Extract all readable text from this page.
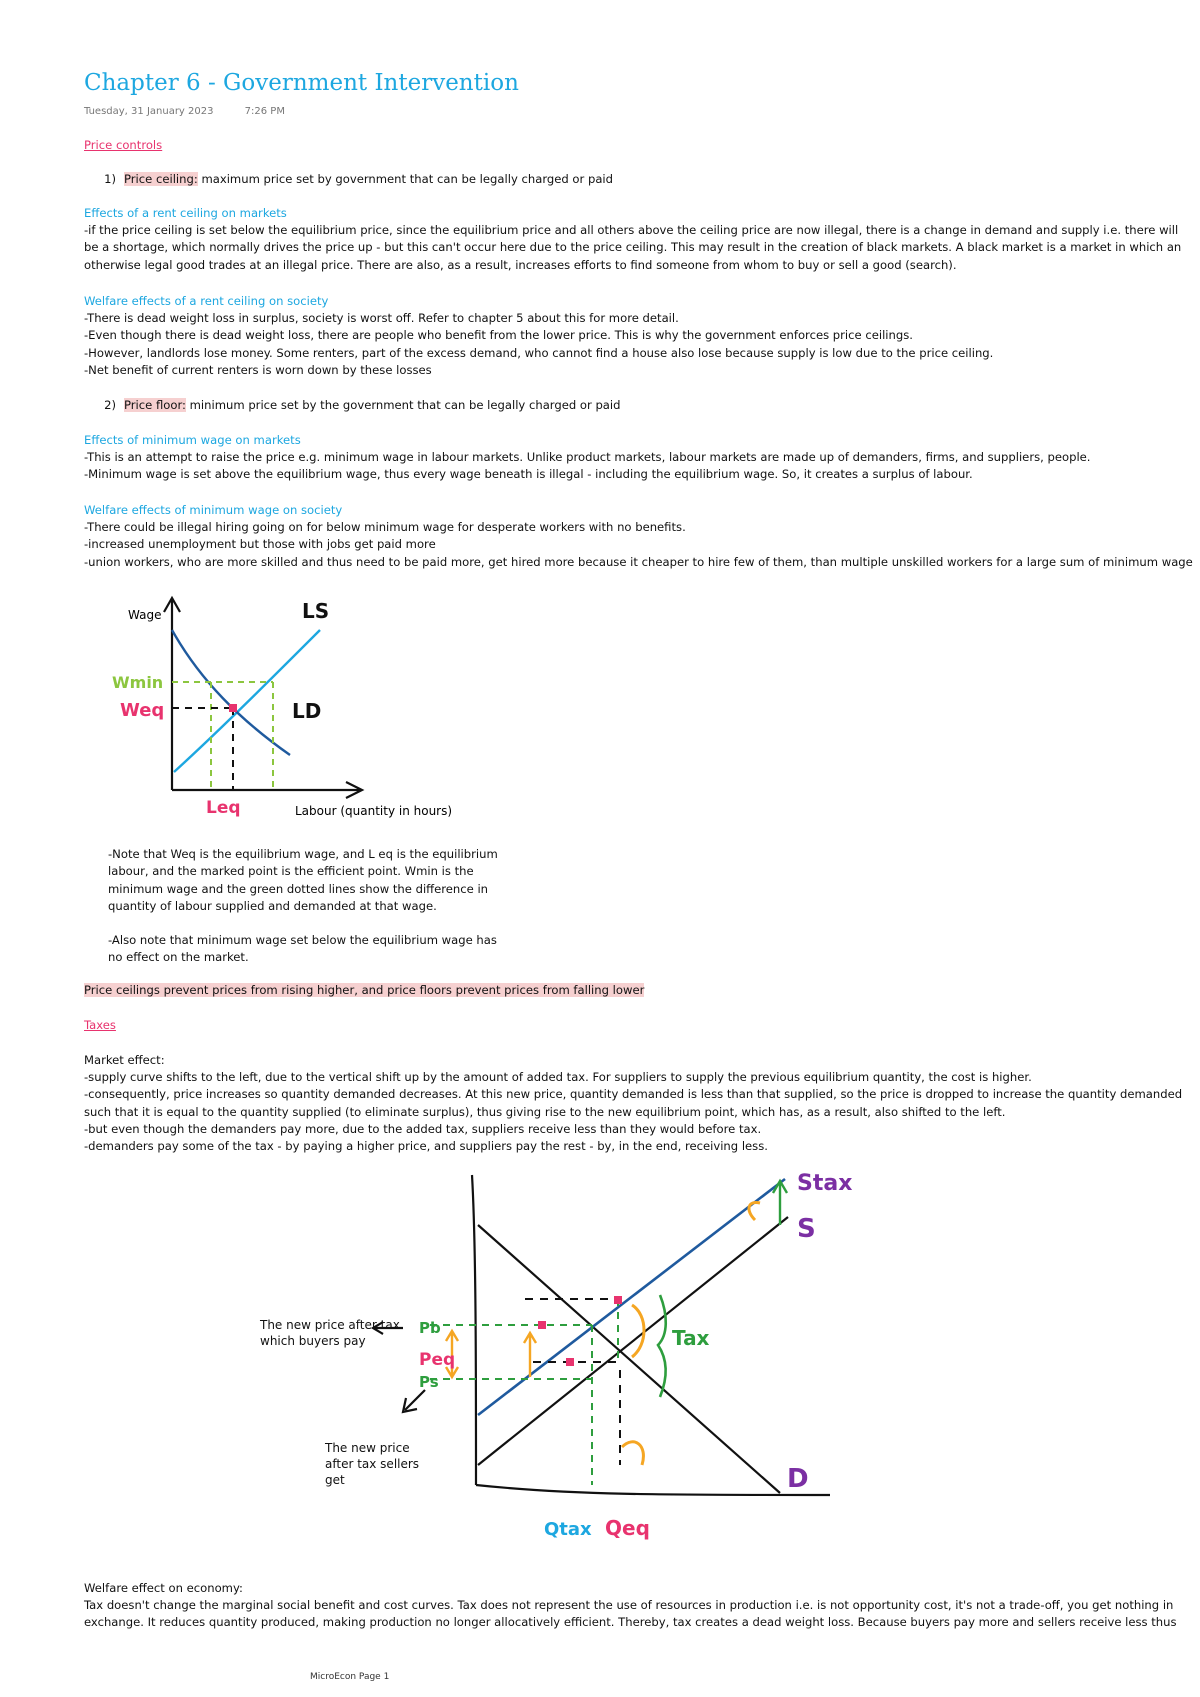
Chapter 6 - Government Intervention
Tuesday, 31 January 2023	7:26 PM
Price controls
1) Price ceiling: maximum price set by government that can be legally charged or paid
Effects of a rent ceiling on markets
-if the price ceiling is set below the equilibrium price, since the equilibrium price and all others above the ceiling price are now illegal, there is a change in demand and supply i.e. there will be a shortage, which normally drives the price up - but this can't occur here due to the price ceiling. This may result in the creation of black markets. A black market is a market in which an otherwise legal good trades at an illegal price. There are also, as a result, increases efforts to find someone from whom to buy or sell a good (search).
Welfare effects of a rent ceiling on society
-There is dead weight loss in surplus, society is worst off. Refer to chapter 5 about this for more detail.
-Even though there is dead weight loss, there are people who benefit from the lower price. This is why the government enforces price ceilings.
-However, landlords lose money. Some renters, part of the excess demand, who cannot find a house also lose because supply is low due to the price ceiling.
-Net benefit of current renters is worn down by these losses
2) Price floor: minimum price set by the government that can be legally charged or paid
Effects of minimum wage on markets
-This is an attempt to raise the price e.g. minimum wage in labour markets. Unlike product markets, labour markets are made up of demanders, firms, and suppliers, people.
-Minimum wage is set above the equilibrium wage, thus every wage beneath is illegal - including the equilibrium wage. So, it creates a surplus of labour.
Welfare effects of minimum wage on society
-There could be illegal hiring going on for below minimum wage for desperate workers with no benefits.
-increased unemployment but those with jobs get paid more
-union workers, who are more skilled and thus need to be paid more, get hired more because it cheaper to hire few of them, than multiple unskilled workers for a large sum of minimum wage
Wage
Labour (quantity in hours)
LS
LD
Wmin
Weq
Leq
-Note that Weq is the equilibrium wage, and L eq is the equilibrium labour, and the marked point is the efficient point. Wmin is the minimum wage and the green dotted lines show the difference in quantity of labour supplied and demanded at that wage.
-Also note that minimum wage set below the equilibrium wage has no effect on the market.
Price ceilings prevent prices from rising higher, and price floors prevent prices from falling lower
Taxes
Market effect:
-supply curve shifts to the left, due to the vertical shift up by the amount of added tax. For suppliers to supply the previous equilibrium quantity, the cost is higher.
-consequently, price increases so quantity demanded decreases. At this new price, quantity demanded is less than that supplied, so the price is dropped to increase the quantity demanded such that it is equal to the quantity supplied (to eliminate surplus), thus giving rise to the new equilibrium point, which has, as a result, also shifted to the left.
-but even though the demanders pay more, due to the added tax, suppliers receive less than they would before tax.
-demanders pay some of the tax - by paying a higher price, and suppliers pay the rest - by, in the end, receiving less.
Stax
S
D
Tax
Qtax Qeq
Pb
Peq
Ps
The new price after tax which buyers pay
The new price after tax sellers get
Welfare effect on economy:
Tax doesn't change the marginal social benefit and cost curves. Tax does not represent the use of resources in production i.e. is not opportunity cost, it's not a trade-off, you get nothing in exchange. It reduces quantity produced, making production no longer allocatively efficient. Thereby, tax creates a dead weight loss. Because buyers pay more and sellers receive less thus
MicroEcon Page 1
